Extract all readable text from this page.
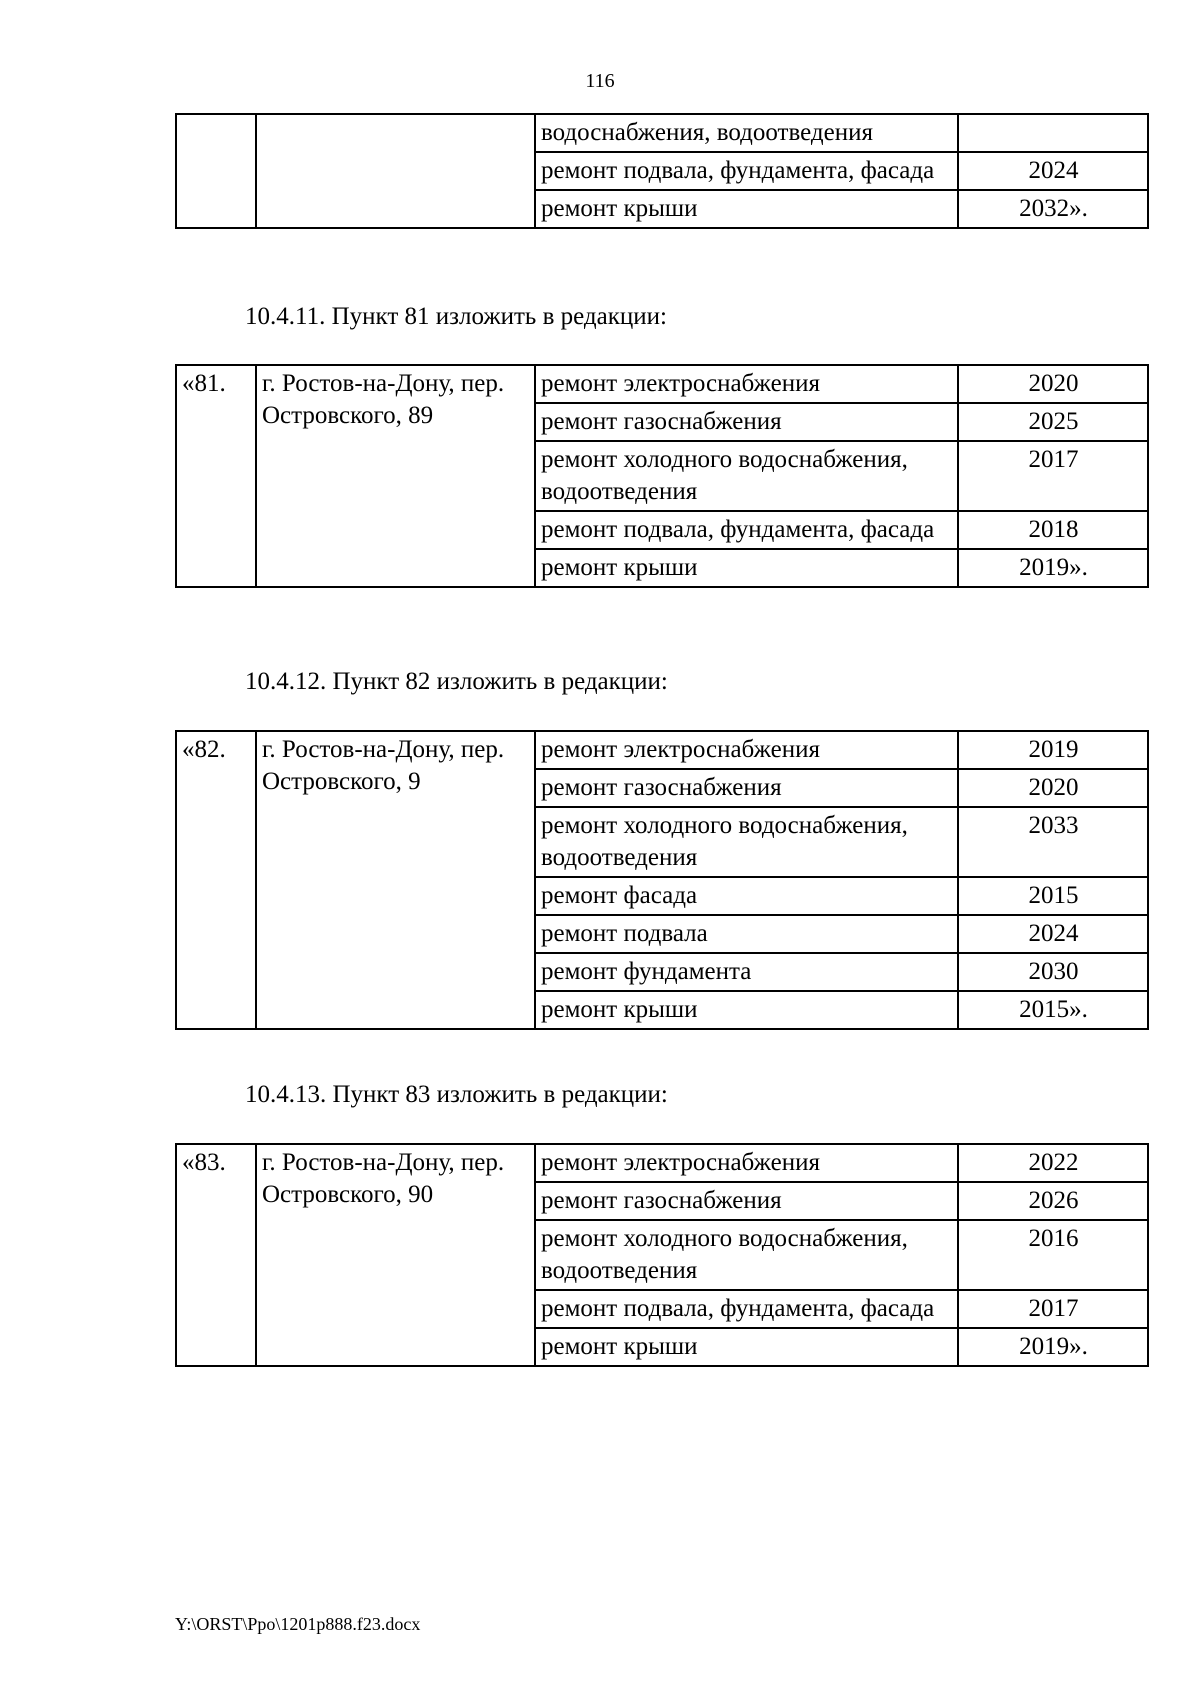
116
		водоснабжения, водоотведения	
		ремонт подвала, фундамента, фасада	2024
		ремонт крыши	2032».
10.4.11. Пункт 81 изложить в редакции:
«81.	г. Ростов-на-Дону, пер. Островского, 89	ремонт электроснабжения	2020
		ремонт газоснабжения	2025
		ремонт холодного водоснабжения, водоотведения	2017
		ремонт подвала, фундамента, фасада	2018
		ремонт крыши	2019».
10.4.12. Пункт 82 изложить в редакции:
«82.	г. Ростов-на-Дону, пер. Островского, 9	ремонт электроснабжения	2019
		ремонт газоснабжения	2020
		ремонт холодного водоснабжения, водоотведения	2033
		ремонт фасада	2015
		ремонт подвала	2024
		ремонт фундамента	2030
		ремонт крыши	2015».
10.4.13. Пункт 83 изложить в редакции:
«83.	г. Ростов-на-Дону, пер. Островского, 90	ремонт электроснабжения	2022
		ремонт газоснабжения	2026
		ремонт холодного водоснабжения, водоотведения	2016
		ремонт подвала, фундамента, фасада	2017
		ремонт крыши	2019».
Y:\ORST\Ppo\1201p888.f23.docx
